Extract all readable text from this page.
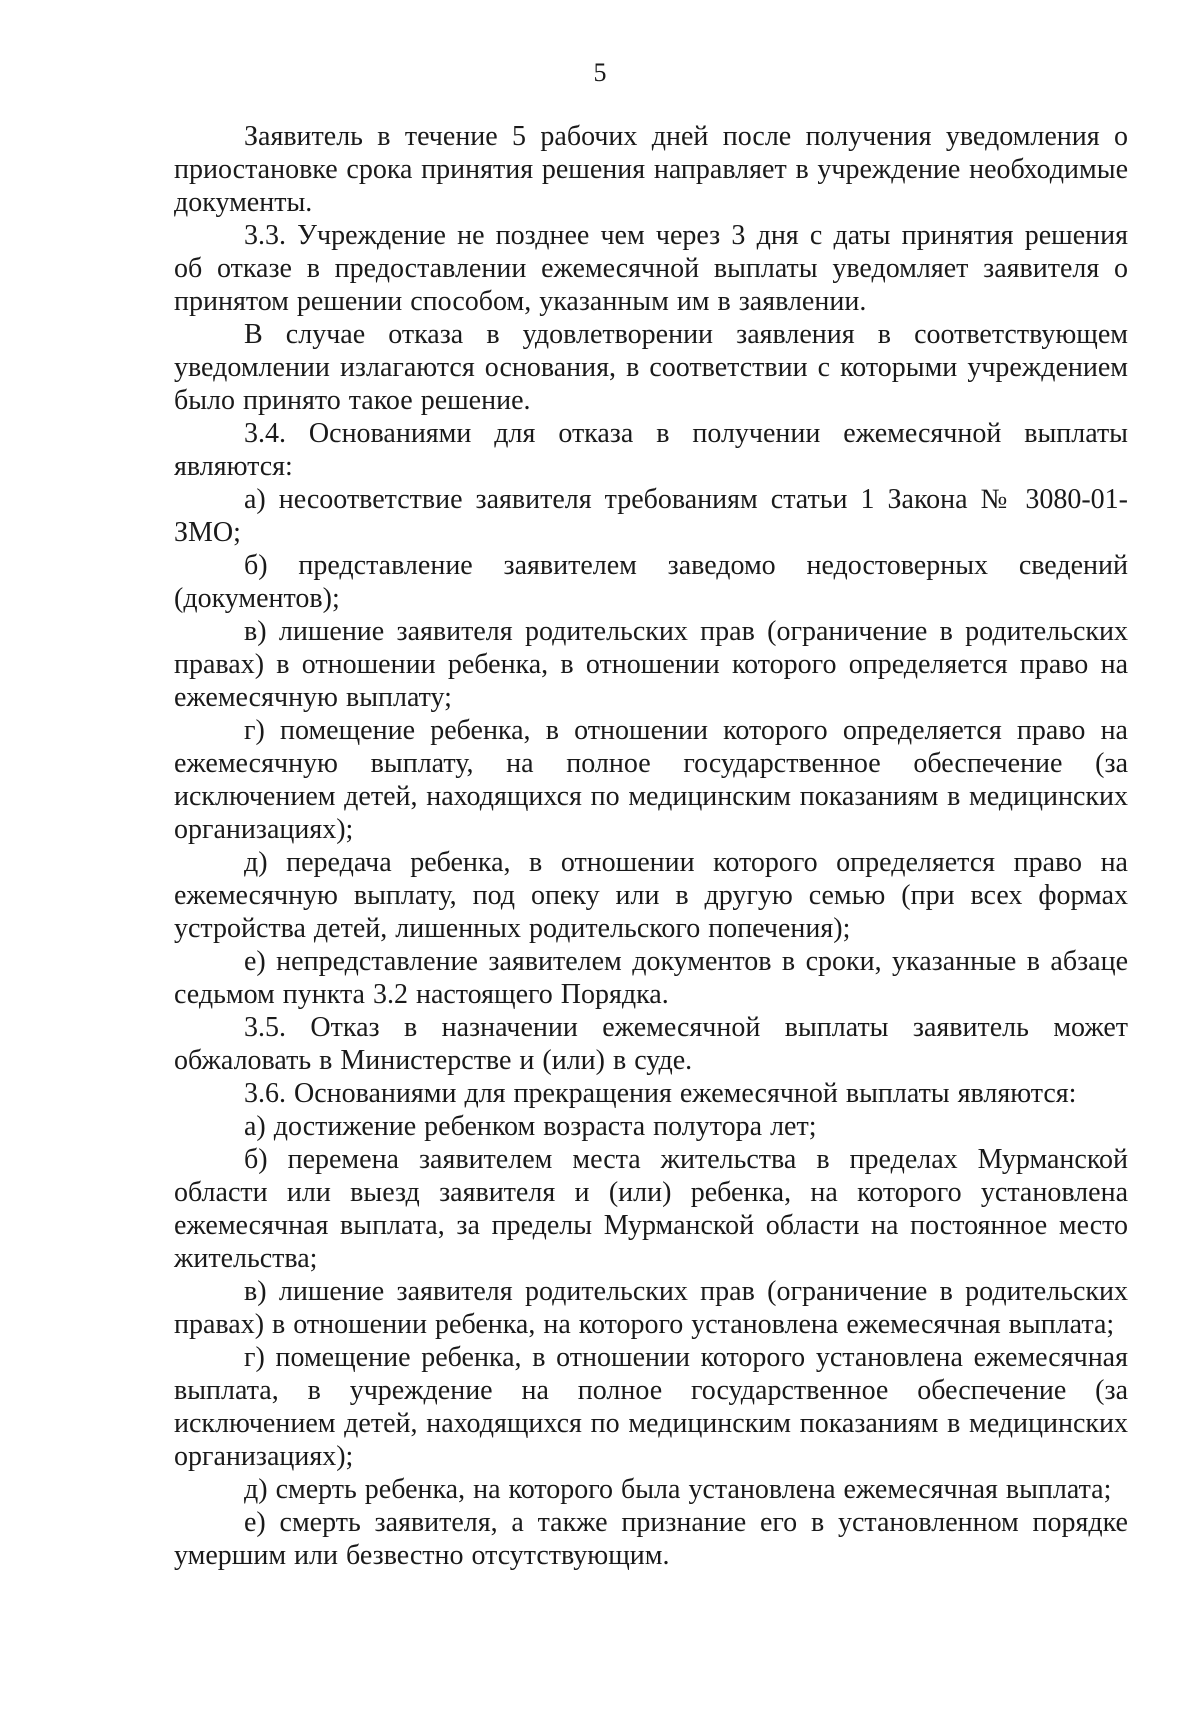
5

Заявитель в течение 5 рабочих дней после получения уведомления о приостановке срока принятия решения направляет в учреждение необходимые документы.

3.3. Учреждение не позднее чем через 3 дня с даты принятия решения об отказе в предоставлении ежемесячной выплаты уведомляет заявителя о принятом решении способом, указанным им в заявлении.

В случае отказа в удовлетворении заявления в соответствующем уведомлении излагаются основания, в соответствии с которыми учреждением было принято такое решение.

3.4. Основаниями для отказа в получении ежемесячной выплаты являются:

а) несоответствие заявителя требованиям статьи 1 Закона № 3080-01-ЗМО;

б) представление заявителем заведомо недостоверных сведений (документов);

в) лишение заявителя родительских прав (ограничение в родительских правах) в отношении ребенка, в отношении которого определяется право на ежемесячную выплату;

г) помещение ребенка, в отношении которого определяется право на ежемесячную выплату, на полное государственное обеспечение (за исключением детей, находящихся по медицинским показаниям в медицинских организациях);

д) передача ребенка, в отношении которого определяется право на ежемесячную выплату, под опеку или в другую семью (при всех формах устройства детей, лишенных родительского попечения);

е) непредставление заявителем документов в сроки, указанные в абзаце седьмом пункта 3.2 настоящего Порядка.

3.5. Отказ в назначении ежемесячной выплаты заявитель может обжаловать в Министерстве и (или) в суде.

3.6. Основаниями для прекращения ежемесячной выплаты являются:

а) достижение ребенком возраста полутора лет;

б) перемена заявителем места жительства в пределах Мурманской области или выезд заявителя и (или) ребенка, на которого установлена ежемесячная выплата, за пределы Мурманской области на постоянное место жительства;

в) лишение заявителя родительских прав (ограничение в родительских правах) в отношении ребенка, на которого установлена ежемесячная выплата;

г) помещение ребенка, в отношении которого установлена ежемесячная выплата, в учреждение на полное государственное обеспечение (за исключением детей, находящихся по медицинским показаниям в медицинских организациях);

д) смерть ребенка, на которого была установлена ежемесячная выплата;

е) смерть заявителя, а также признание его в установленном порядке умершим или безвестно отсутствующим.
